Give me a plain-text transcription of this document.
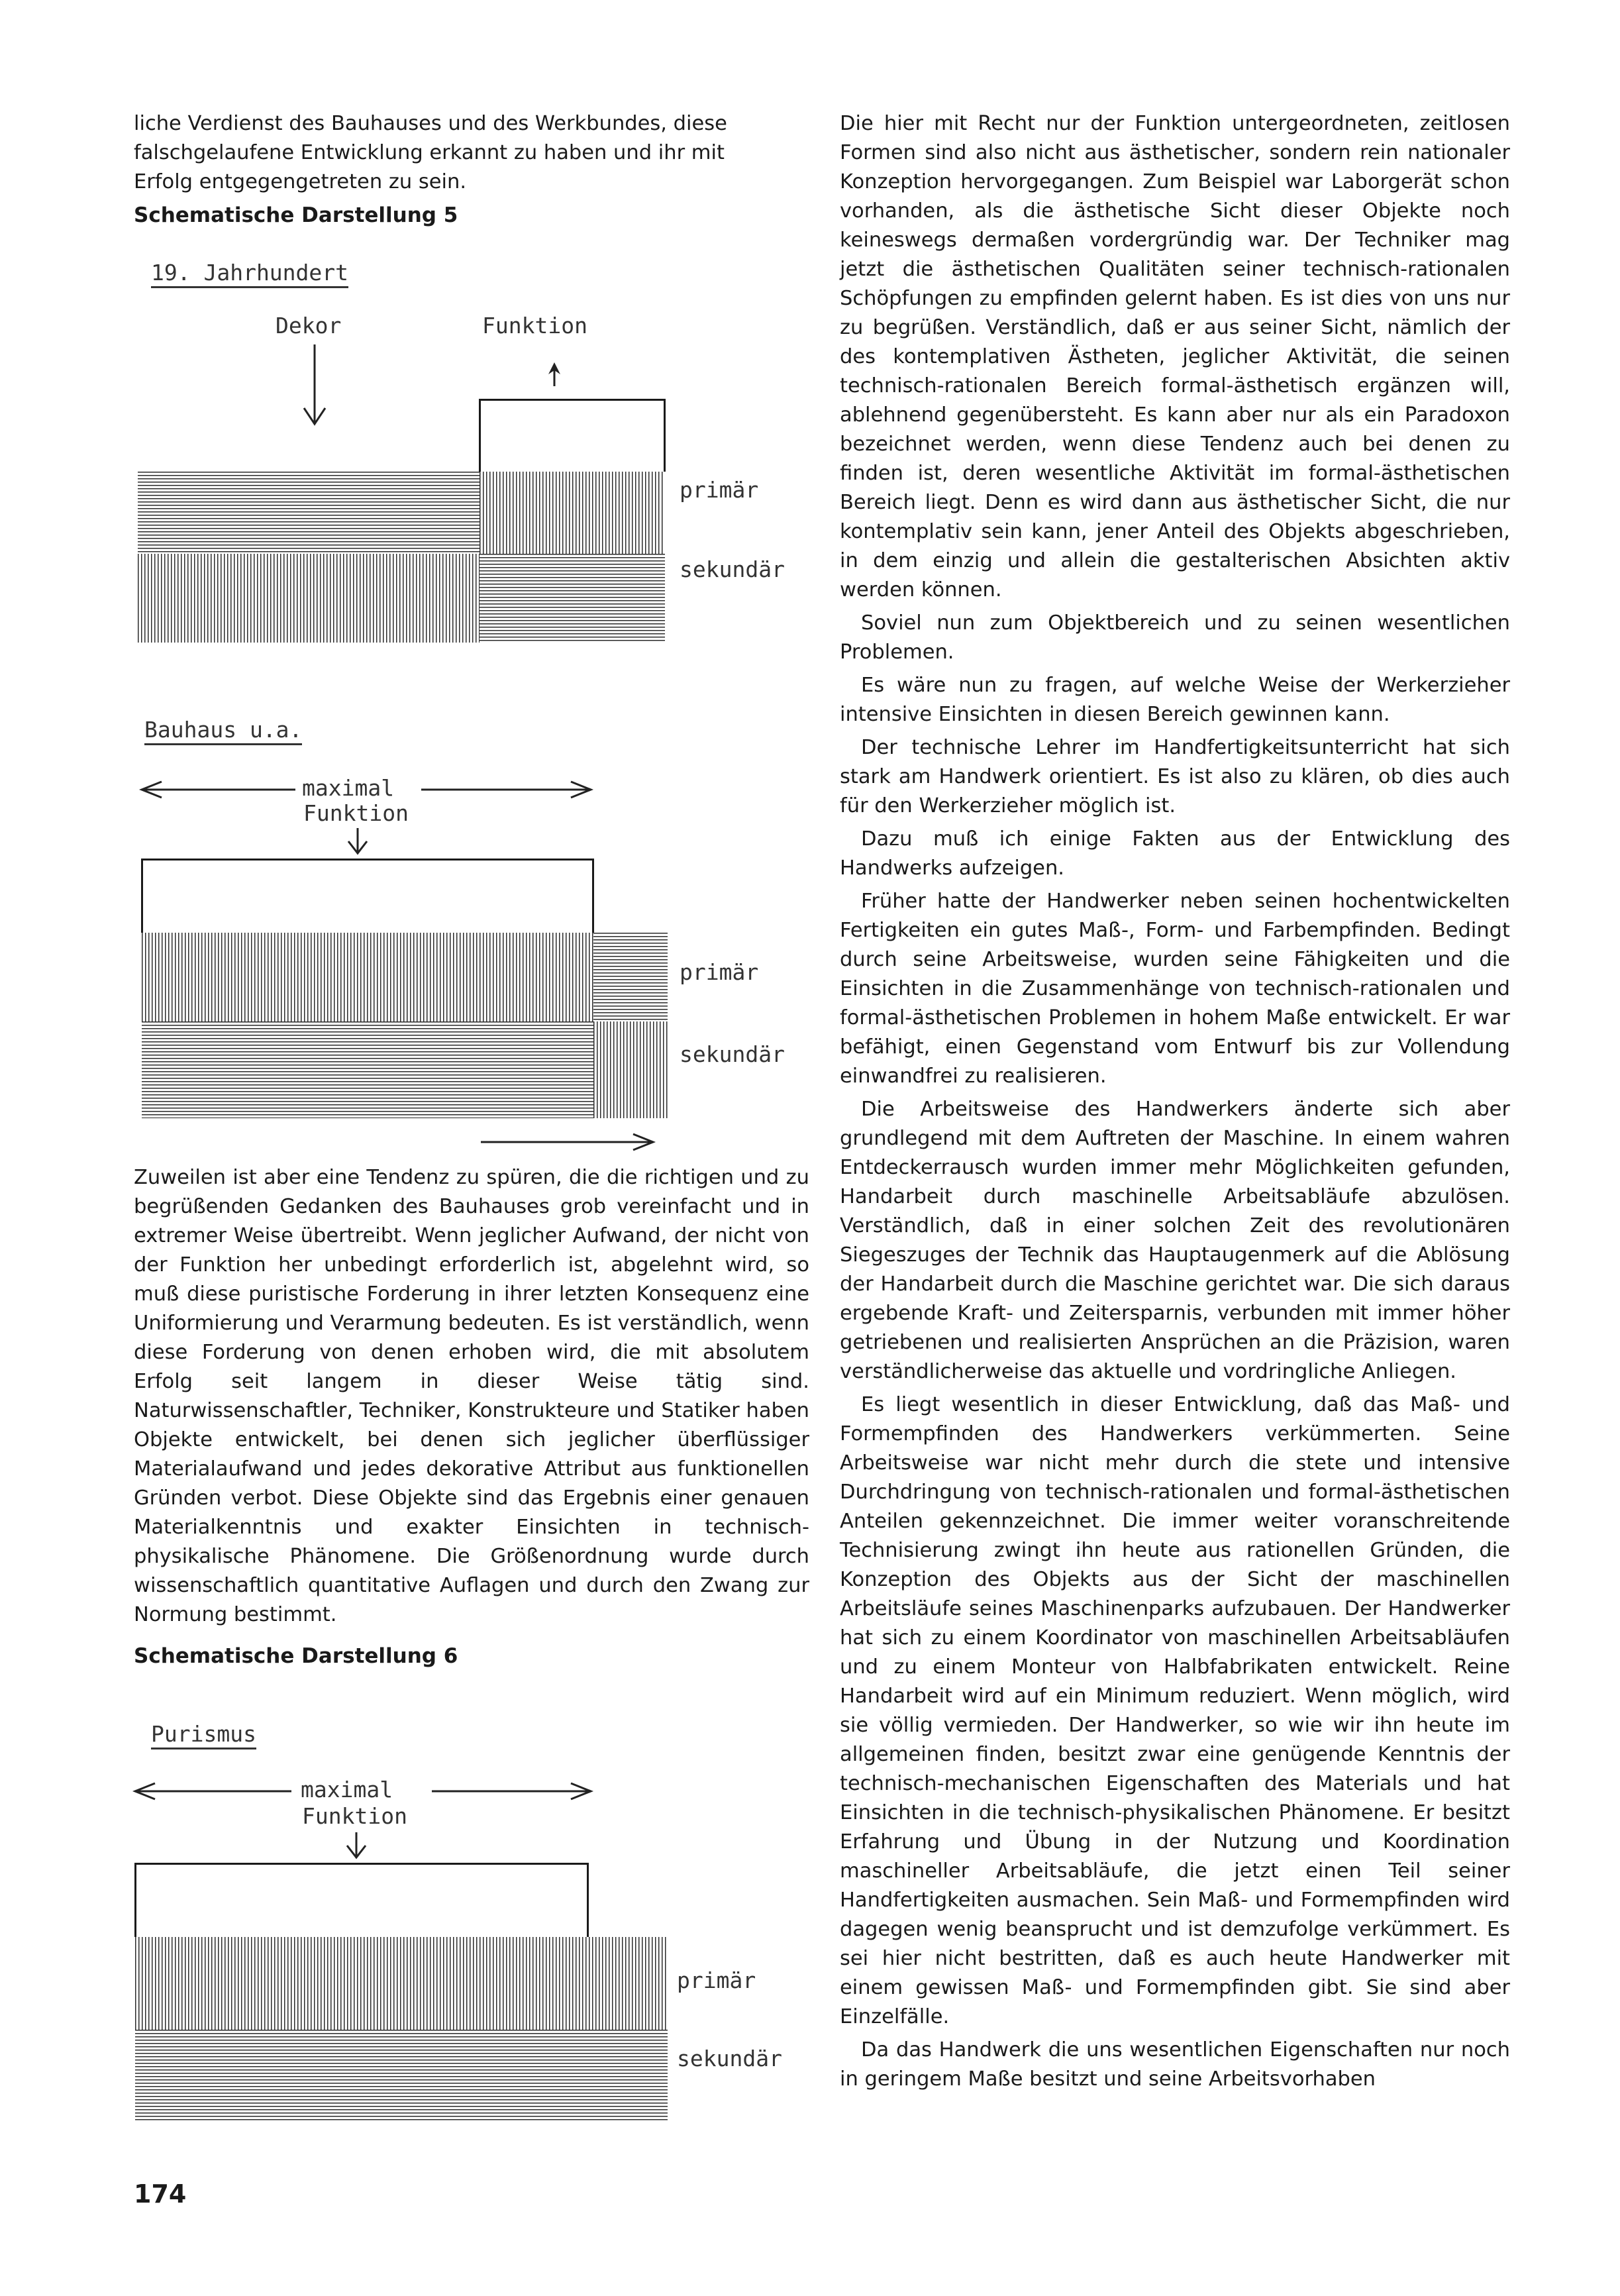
liche Verdienst des Bauhauses und des Werkbundes, diese

falschgelaufene Entwicklung erkannt zu haben und ihr mit

Erfolg entgegengetreten zu sein.

Schematische Darstellung 5

19. Jahrhundert
Dekor	Funktion
primär
sekundär
Bauhaus u.a.
maximal
Funktion
primär
sekundär

Zuweilen ist aber eine Tendenz zu spüren, die die richtigen und zu begrüßenden Gedanken des Bauhauses grob vereinfacht und in extremer Weise übertreibt. Wenn jeglicher Aufwand, der nicht von der Funktion her unbedingt erforderlich ist, abgelehnt wird, so muß diese puristische Forderung in ihrer letzten Konsequenz eine Uniformierung und Verarmung bedeuten. Es ist verständlich, wenn diese Forderung von denen erhoben wird, die mit absolutem Erfolg seit langem in dieser Weise tätig sind. Naturwissenschaftler, Techniker, Konstrukteure und Statiker haben Objekte entwickelt, bei denen sich jeglicher überflüssiger Materialaufwand und jedes dekorative Attribut aus funktionellen Gründen verbot. Diese Objekte sind das Ergebnis einer genauen Materialkenntnis und exakter Einsichten in technisch-physikalische Phänomene. Die Größenordnung wurde durch wissenschaftlich quantitative Auflagen und durch den Zwang zur Normung bestimmt.

Schematische Darstellung 6

Purismus
maximal
Funktion
primär
sekundär

Die hier mit Recht nur der Funktion untergeordneten, zeitlosen Formen sind also nicht aus ästhetischer, sondern rein nationaler Konzeption hervorgegangen. Zum Beispiel war Laborgerät schon vorhanden, als die ästhetische Sicht dieser Objekte noch keineswegs dermaßen vordergründig war. Der Techniker mag jetzt die ästhetischen Qualitäten seiner technisch-rationalen Schöpfungen zu empfinden gelernt haben. Es ist dies von uns nur zu begrüßen. Verständlich, daß er aus seiner Sicht, nämlich der des kontemplativen Ästheten, jeglicher Aktivität, die seinen technisch-rationalen Bereich formal-ästhetisch ergänzen will, ablehnend gegenübersteht. Es kann aber nur als ein Paradoxon bezeichnet werden, wenn diese Tendenz auch bei denen zu finden ist, deren wesentliche Aktivität im formal-ästhetischen Bereich liegt. Denn es wird dann aus ästhetischer Sicht, die nur kontemplativ sein kann, jener Anteil des Objekts abgeschrieben, in dem einzig und allein die gestalterischen Absichten aktiv werden können.

Soviel nun zum Objektbereich und zu seinen wesentlichen Problemen.

Es wäre nun zu fragen, auf welche Weise der Werkerzieher intensive Einsichten in diesen Bereich gewinnen kann.

Der technische Lehrer im Handfertigkeitsunterricht hat sich stark am Handwerk orientiert. Es ist also zu klären, ob dies auch für den Werkerzieher möglich ist.

Dazu muß ich einige Fakten aus der Entwicklung des Handwerks aufzeigen.

Früher hatte der Handwerker neben seinen hochentwickelten Fertigkeiten ein gutes Maß-, Form- und Farbempfinden. Bedingt durch seine Arbeitsweise, wurden seine Fähigkeiten und die Einsichten in die Zusammenhänge von technisch-rationalen und formal-ästhetischen Problemen in hohem Maße entwickelt. Er war befähigt, einen Gegenstand vom Entwurf bis zur Vollendung einwandfrei zu realisieren.

Die Arbeitsweise des Handwerkers änderte sich aber grundlegend mit dem Auftreten der Maschine. In einem wahren Entdeckerrausch wurden immer mehr Möglichkeiten gefunden, Handarbeit durch maschinelle Arbeitsabläufe abzulösen. Verständlich, daß in einer solchen Zeit des revolutionären Siegeszuges der Technik das Hauptaugenmerk auf die Ablösung der Handarbeit durch die Maschine gerichtet war. Die sich daraus ergebende Kraft- und Zeitersparnis, verbunden mit immer höher getriebenen und realisierten Ansprüchen an die Präzision, waren verständlicherweise das aktuelle und vordringliche Anliegen.

Es liegt wesentlich in dieser Entwicklung, daß das Maß- und Formempfinden des Handwerkers verkümmerten. Seine Arbeitsweise war nicht mehr durch die stete und intensive Durchdringung von technisch-rationalen und formal-ästhetischen Anteilen gekennzeichnet. Die immer weiter voranschreitende Technisierung zwingt ihn heute aus rationellen Gründen, die Konzeption des Objekts aus der Sicht der maschinellen Arbeitsläufe seines Maschinenparks aufzubauen. Der Handwerker hat sich zu einem Koordinator von maschinellen Arbeitsabläufen und zu einem Monteur von Halbfabrikaten entwickelt. Reine Handarbeit wird auf ein Minimum reduziert. Wenn möglich, wird sie völlig vermieden. Der Handwerker, so wie wir ihn heute im allgemeinen finden, besitzt zwar eine genügende Kenntnis der technisch-mechanischen Eigenschaften des Materials und hat Einsichten in die technisch-physikalischen Phänomene. Er besitzt Erfahrung und Übung in der Nutzung und Koordination maschineller Arbeitsabläufe, die jetzt einen Teil seiner Handfertigkeiten ausmachen. Sein Maß- und Formempfinden wird dagegen wenig beansprucht und ist demzufolge verkümmert. Es sei hier nicht bestritten, daß es auch heute Handwerker mit einem gewissen Maß- und Formempfinden gibt. Sie sind aber Einzelfälle.

Da das Handwerk die uns wesentlichen Eigenschaften nur noch in geringem Maße besitzt und seine Arbeitsvorhaben

174
